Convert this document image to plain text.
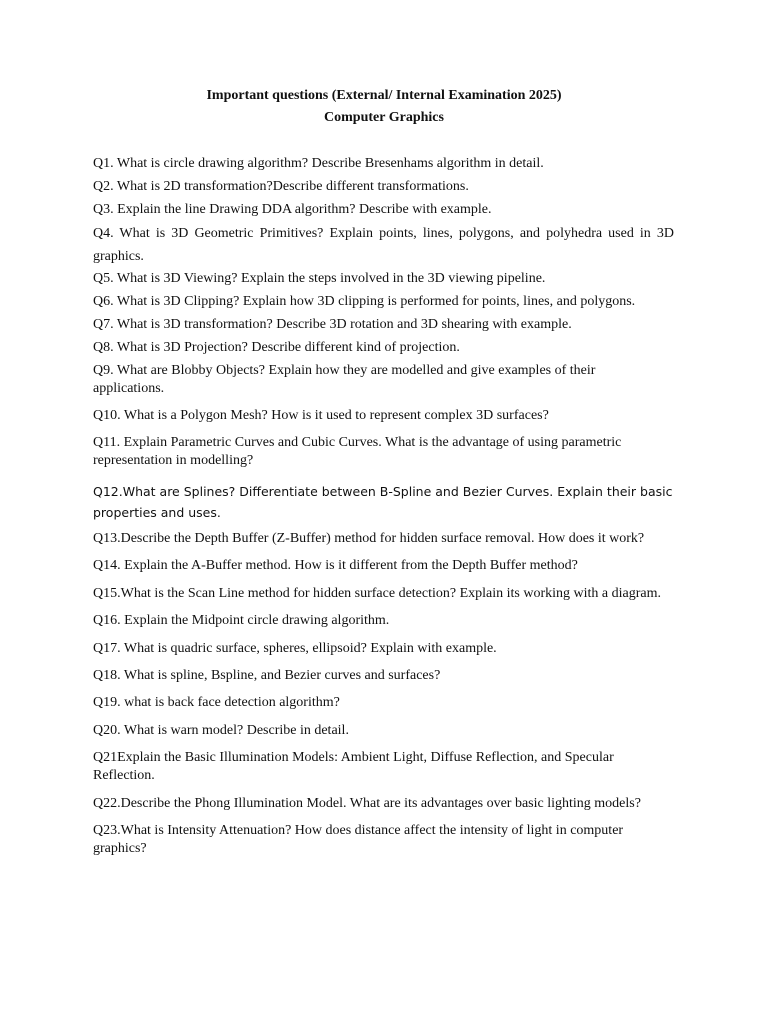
Important questions (External/ Internal Examination 2025)

Computer Graphics

Q1. What is circle drawing algorithm? Describe Bresenhams algorithm in detail.

Q2. What is 2D transformation?Describe different transformations.

Q3. Explain the line Drawing DDA algorithm? Describe with example.

Q4. What is 3D Geometric Primitives? Explain points, lines, polygons, and polyhedra used in 3D graphics.

Q5. What is 3D Viewing? Explain the steps involved in the 3D viewing pipeline.

Q6. What is 3D Clipping? Explain how 3D clipping is performed for points, lines, and polygons.

Q7. What is 3D transformation? Describe 3D rotation and 3D shearing with example.

Q8. What is 3D Projection? Describe different kind of projection.

Q9. What are Blobby Objects? Explain how they are modelled and give examples of their applications.

Q10. What is a Polygon Mesh? How is it used to represent complex 3D surfaces?

Q11. Explain Parametric Curves and Cubic Curves. What is the advantage of using parametric representation in modelling?

Q12.What are Splines? Differentiate between B-Spline and Bezier Curves. Explain their basic properties and uses.

Q13.Describe the Depth Buffer (Z-Buffer) method for hidden surface removal. How does it work?

Q14. Explain the A-Buffer method. How is it different from the Depth Buffer method?

Q15.What is the Scan Line method for hidden surface detection? Explain its working with a diagram.

Q16. Explain the Midpoint circle drawing algorithm.

Q17. What is quadric surface, spheres, ellipsoid? Explain with example.

Q18. What is spline, Bspline, and Bezier curves and surfaces?

Q19. what is back face detection algorithm?

Q20. What is warn model? Describe in detail.

Q21Explain the Basic Illumination Models: Ambient Light, Diffuse Reflection, and Specular Reflection.

Q22.Describe the Phong Illumination Model. What are its advantages over basic lighting models?

Q23.What is Intensity Attenuation? How does distance affect the intensity of light in computer graphics?
